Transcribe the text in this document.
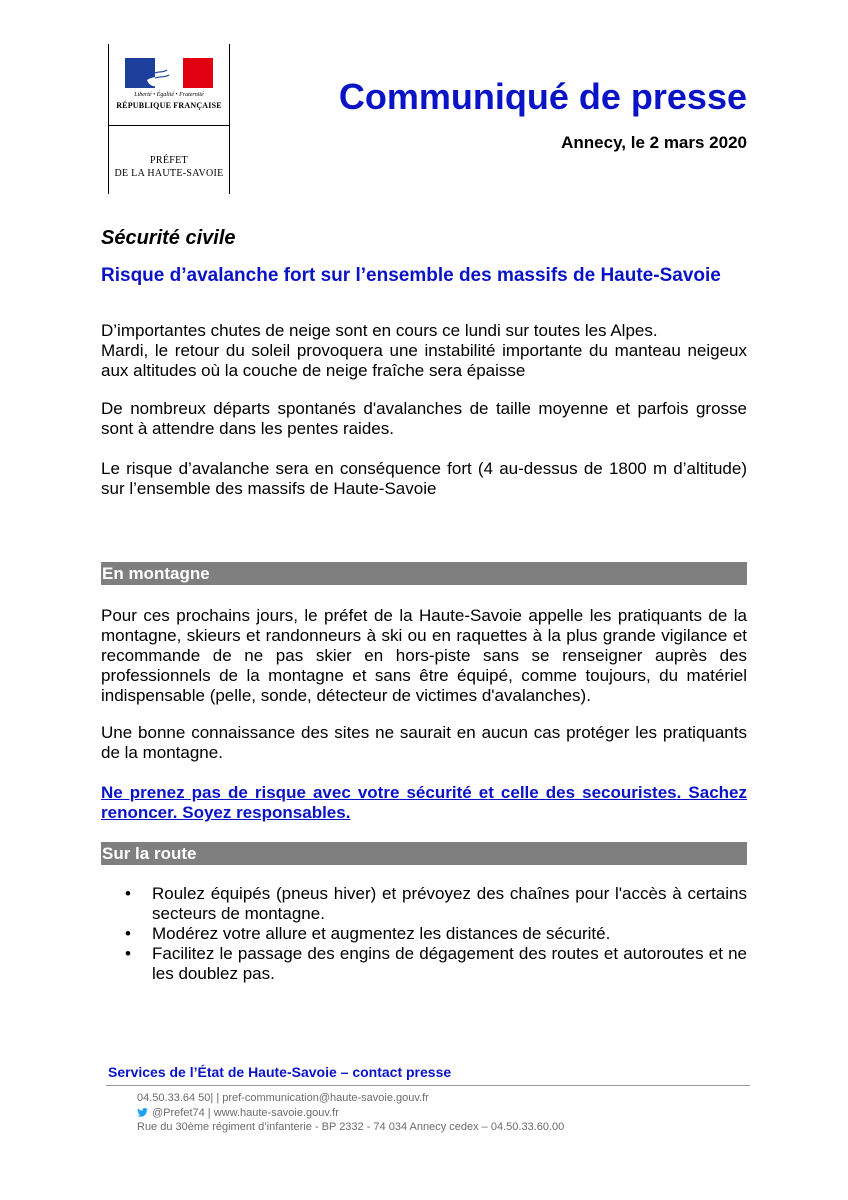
Liberté • Égalité • Fraternité
RÉPUBLIQUE FRANÇAISE
PRÉFET
DE LA HAUTE-SAVOIE
Communiqué de presse
Annecy, le 2 mars 2020
Sécurité civile
Risque d’avalanche fort sur l’ensemble des massifs de Haute-Savoie

D’importantes chutes de neige sont en cours ce lundi sur toutes les Alpes.

Mardi, le retour du soleil provoquera une instabilité importante du manteau neigeux aux altitudes où la couche de neige fraîche sera épaisse

De nombreux départs spontanés d'avalanches de taille moyenne et parfois grosse sont à attendre dans les pentes raides.

Le risque d’avalanche sera en conséquence fort (4 au-dessus de 1800 m d’altitude) sur l’ensemble des massifs de Haute-Savoie

En montagne

Pour ces prochains jours, le préfet de la Haute-Savoie appelle les pratiquants de la montagne, skieurs et randonneurs à ski ou en raquettes à la plus grande vigilance et recommande de ne pas skier en hors-piste sans se renseigner auprès des professionnels de la montagne et sans être équipé, comme toujours, du matériel indispensable (pelle, sonde, détecteur de victimes d'avalanches).

Une bonne connaissance des sites ne saurait en aucun cas protéger les pratiquants de la montagne.

Ne prenez pas de risque avec votre sécurité et celle des secouristes. Sachez renoncer. Soyez responsables.
Sur la route
• Roulez équipés (pneus hiver) et prévoyez des chaînes pour l'accès à certains secteurs de montagne.
• Modérez votre allure et augmentez les distances de sécurité.
• Facilitez le passage des engins de dégagement des routes et autoroutes et ne les doublez pas.
Services de l’État de Haute-Savoie – contact presse
04.50.33.64 50| | pref-communication@haute-savoie.gouv.fr
@Prefet74 | www.haute-savoie.gouv.fr
Rue du 30ème régiment d’infanterie - BP 2332 - 74 034 Annecy cedex – 04.50.33.60.00
